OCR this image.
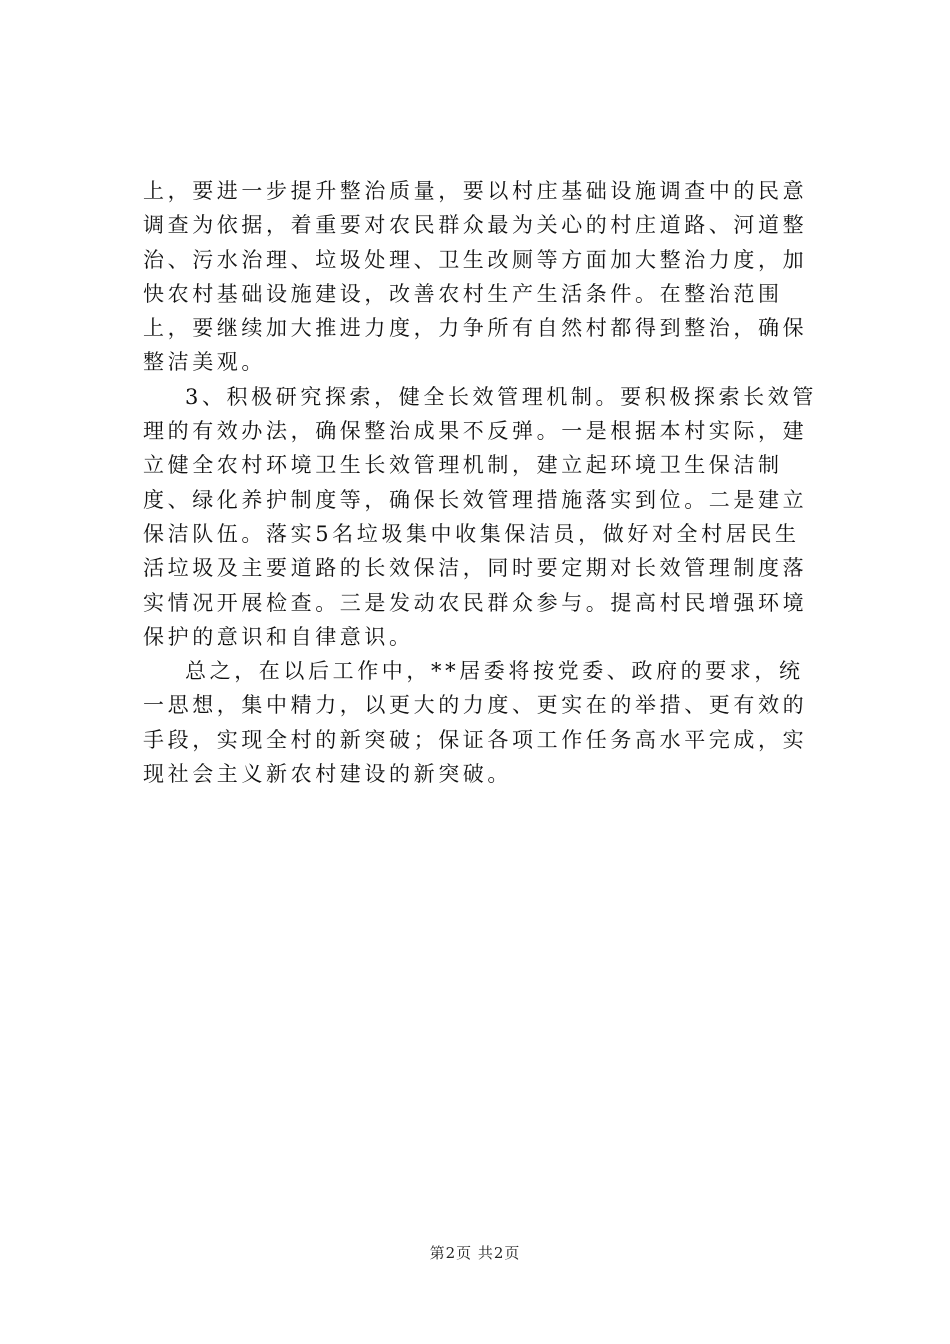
上，要进一步提升整治质量，要以村庄基础设施调查中的民意调查为依据，着重要对农民群众最为关心的村庄道路、河道整治、污水治理、垃圾处理、卫生改厕等方面加大整治力度，加快农村基础设施建设，改善农村生产生活条件。在整治范围上，要继续加大推进力度，力争所有自然村都得到整治，确保整洁美观。

3、积极研究探索，健全长效管理机制。要积极探索长效管理的有效办法，确保整治成果不反弹。一是根据本村实际，建立健全农村环境卫生长效管理机制，建立起环境卫生保洁制度、绿化养护制度等，确保长效管理措施落实到位。二是建立保洁队伍。落实5名垃圾集中收集保洁员，做好对全村居民生活垃圾及主要道路的长效保洁，同时要定期对长效管理制度落实情况开展检查。三是发动农民群众参与。提高村民增强环境保护的意识和自律意识。

总之，在以后工作中，**居委将按党委、政府的要求，统一思想，集中精力，以更大的力度、更实在的举措、更有效的手段，实现全村的新突破；保证各项工作任务高水平完成，实现社会主义新农村建设的新突破。

第2页 共2页
